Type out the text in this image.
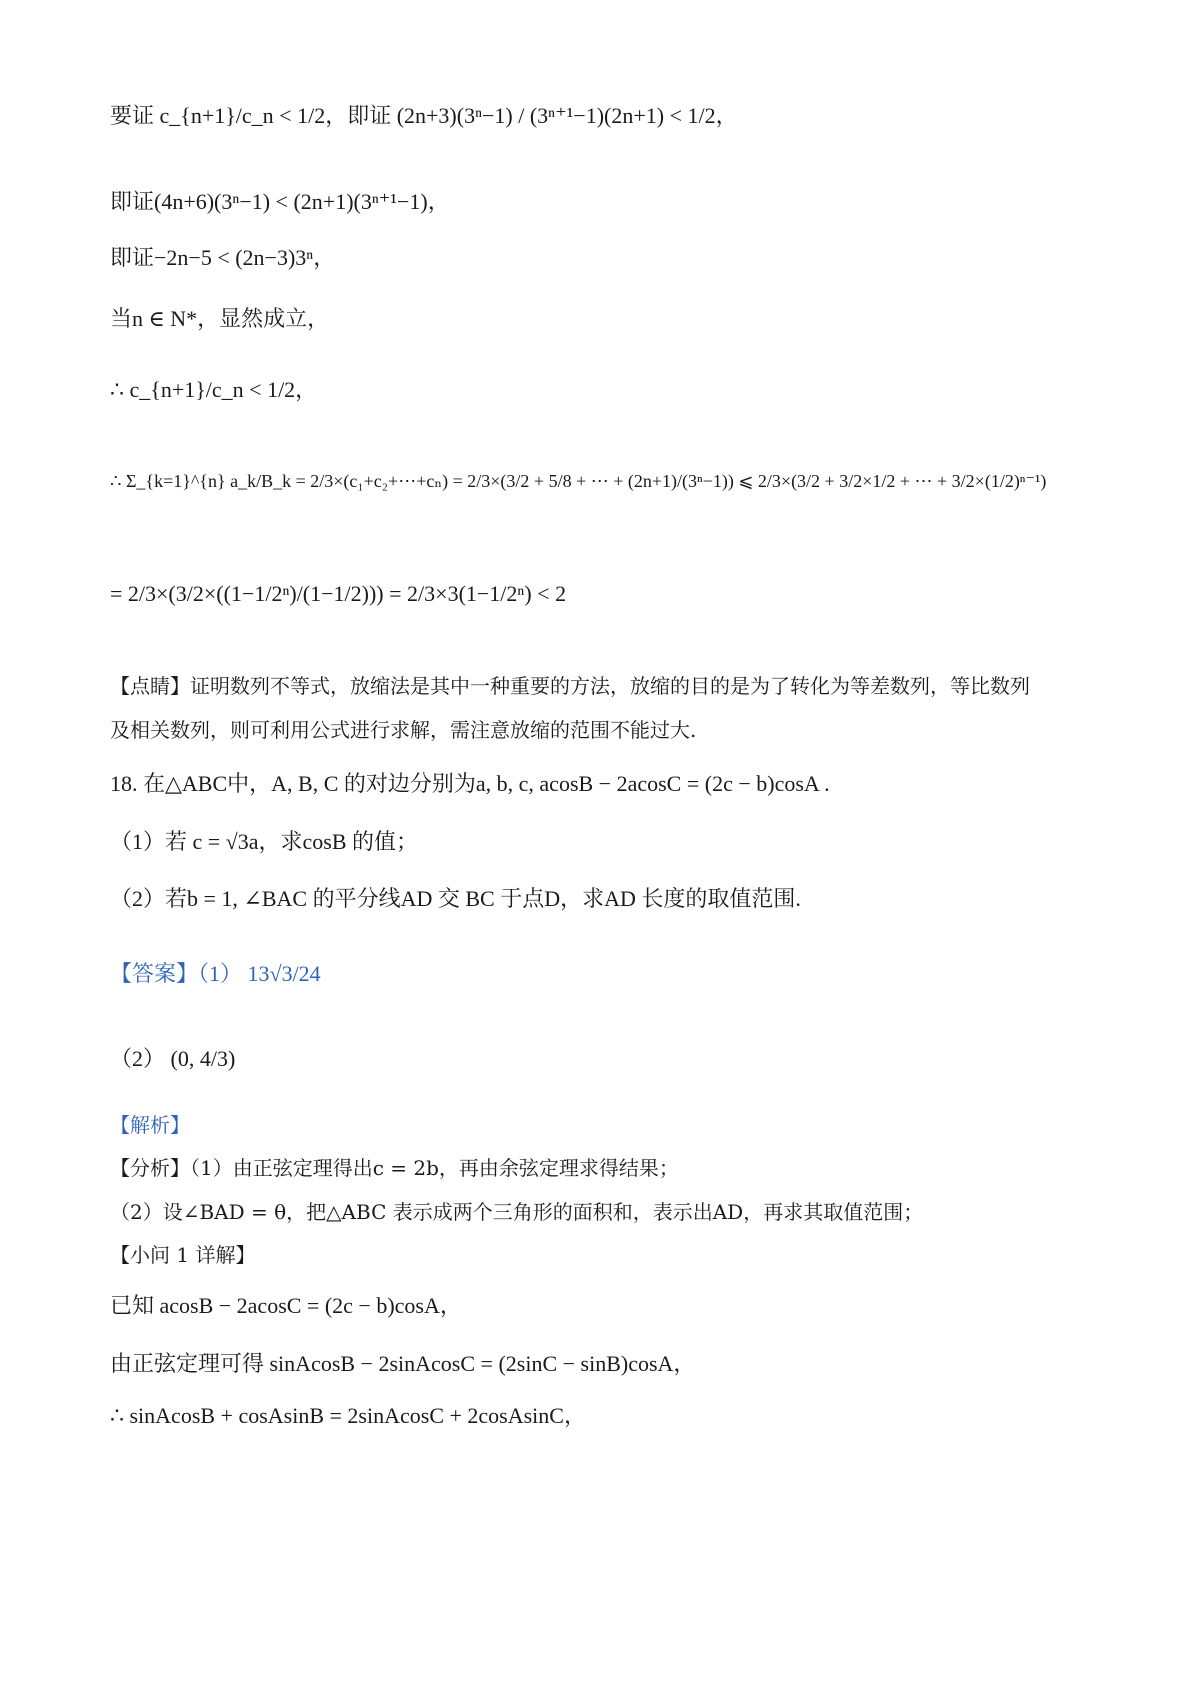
要证 c_{n+1}/c_n < 1/2，即证 (2n+3)(3ⁿ−1) / (3ⁿ⁺¹−1)(2n+1) < 1/2，
即证(4n+6)(3ⁿ−1) < (2n+1)(3ⁿ⁺¹−1)，
即证−2n−5 < (2n−3)3ⁿ，
当n ∈ N*，显然成立，
∴ c_{n+1}/c_n < 1/2，
∴ Σ_{k=1}^{n} a_k/B_k = 2/3×(c₁+c₂+⋯+cₙ) = 2/3×(3/2 + 5/8 + ⋯ + (2n+1)/(3ⁿ−1)) ⩽ 2/3×(3/2 + 3/2×1/2 + ⋯ + 3/2×(1/2)ⁿ⁻¹)
= 2/3×(3/2×((1−1/2ⁿ)/(1−1/2))) = 2/3×3(1−1/2ⁿ) < 2
【点睛】证明数列不等式，放缩法是其中一种重要的方法，放缩的目的是为了转化为等差数列，等比数列
及相关数列，则可利用公式进行求解，需注意放缩的范围不能过大.
18. 在△ABC中，A, B, C 的对边分别为a, b, c, acosB − 2acosC = (2c − b)cosA .
（1）若 c = √3a，求cosB 的值；
（2）若b = 1, ∠BAC 的平分线AD 交 BC 于点D，求AD 长度的取值范围.
【答案】（1） 13√3/24
（2） (0, 4/3)
【解析】
【分析】（1）由正弦定理得出c = 2b，再由余弦定理求得结果；
（2）设∠BAD = θ，把△ABC 表示成两个三角形的面积和，表示出AD，再求其取值范围；
【小问 1 详解】
已知 acosB − 2acosC = (2c − b)cosA，
由正弦定理可得 sinAcosB − 2sinAcosC = (2sinC − sinB)cosA，
∴ sinAcosB + cosAsinB = 2sinAcosC + 2cosAsinC，
